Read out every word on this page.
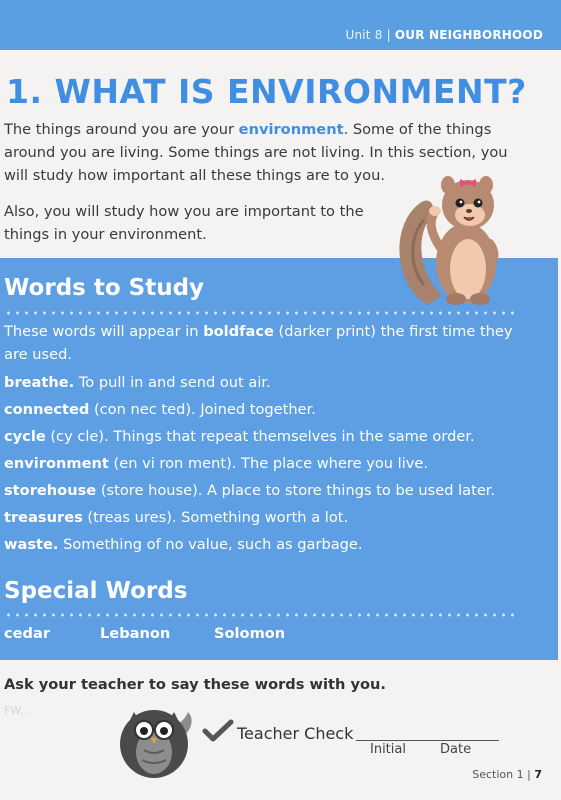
Unit 8 | OUR NEIGHBORHOOD
1. WHAT IS ENVIRONMENT?

The things around you are your environment. Some of the things around you are living. Some things are not living. In this section, you will study how important all these things are to you.

Also, you will study how you are important to the things in your environment.

Words to Study

These words will appear in boldface (darker print) the first time they are used.

breathe. To pull in and send out air.
connected (con nec ted). Joined together.
cycle (cy cle). Things that repeat themselves in the same order.
environment (en vi ron ment). The place where you live.
storehouse (store house). A place to store things to be used later.
treasures (treas ures). Something worth a lot.
waste. Something of no value, such as garbage.
Special Words
cedar	Lebanon	Solomon
Ask your teacher to say these words with you.
FW...
Teacher Check
Initial	Date
Section 1 | 7
